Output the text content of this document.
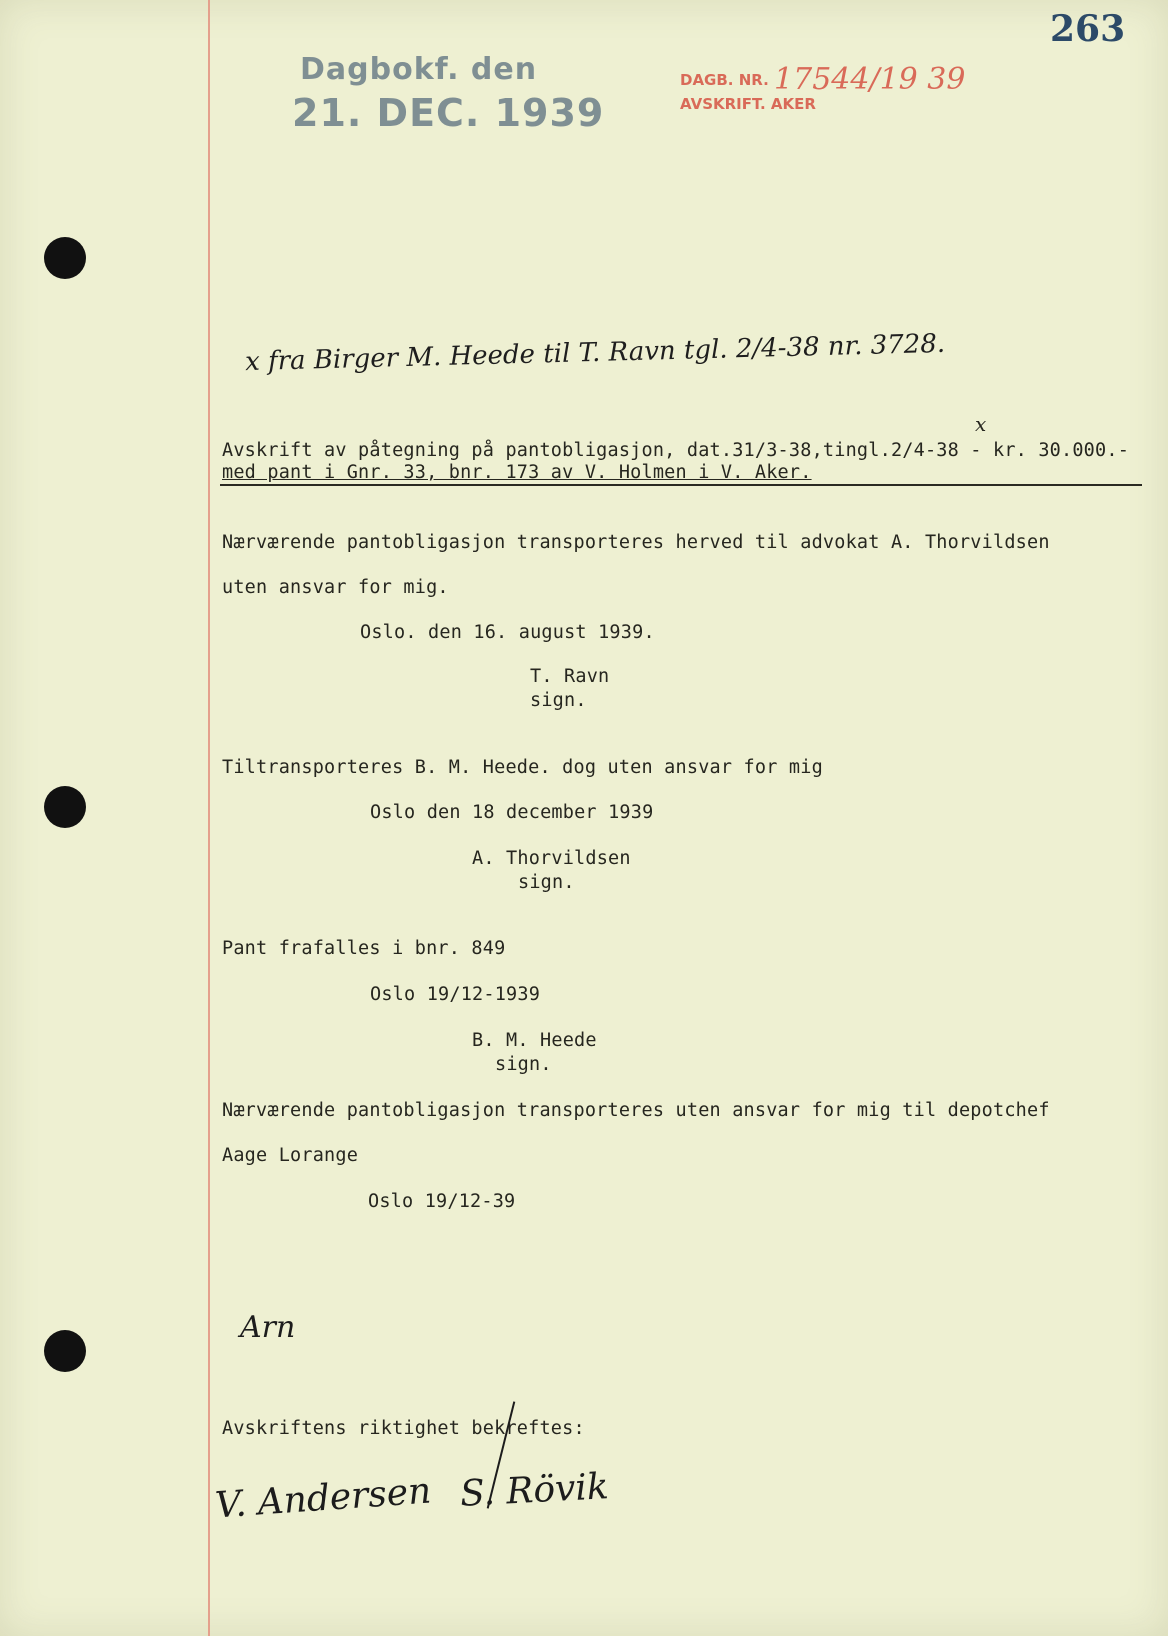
263
Dagbokf. den
21. DEC. 1939
DAGB. NR. 17544/19 39
AVSKRIFT. AKER
x fra Birger M. Heede til T. Ravn tgl. 2/4-38 nr. 3728.
x
Avskrift av påtegning på pantobligasjon, dat.31/3-38,tingl.2/4-38 - kr. 30.000.-
med pant i Gnr. 33, bnr. 173 av V. Holmen i V. Aker.
Nærværende pantobligasjon transporteres herved til advokat A. Thorvildsen
uten ansvar for mig.
Oslo. den 16. august 1939.
T. Ravn
sign.
Tiltransporteres B. M. Heede. dog uten ansvar for mig
Oslo den 18 december 1939
A. Thorvildsen
sign.
Pant frafalles i bnr. 849
Oslo 19/12-1939
B. M. Heede
sign.
Nærværende pantobligasjon transporteres uten ansvar for mig til depotchef
Aage Lorange
Oslo 19/12-39
Avskriftens riktighet bekreftes:
Arn
V. Andersen S. Rövik
